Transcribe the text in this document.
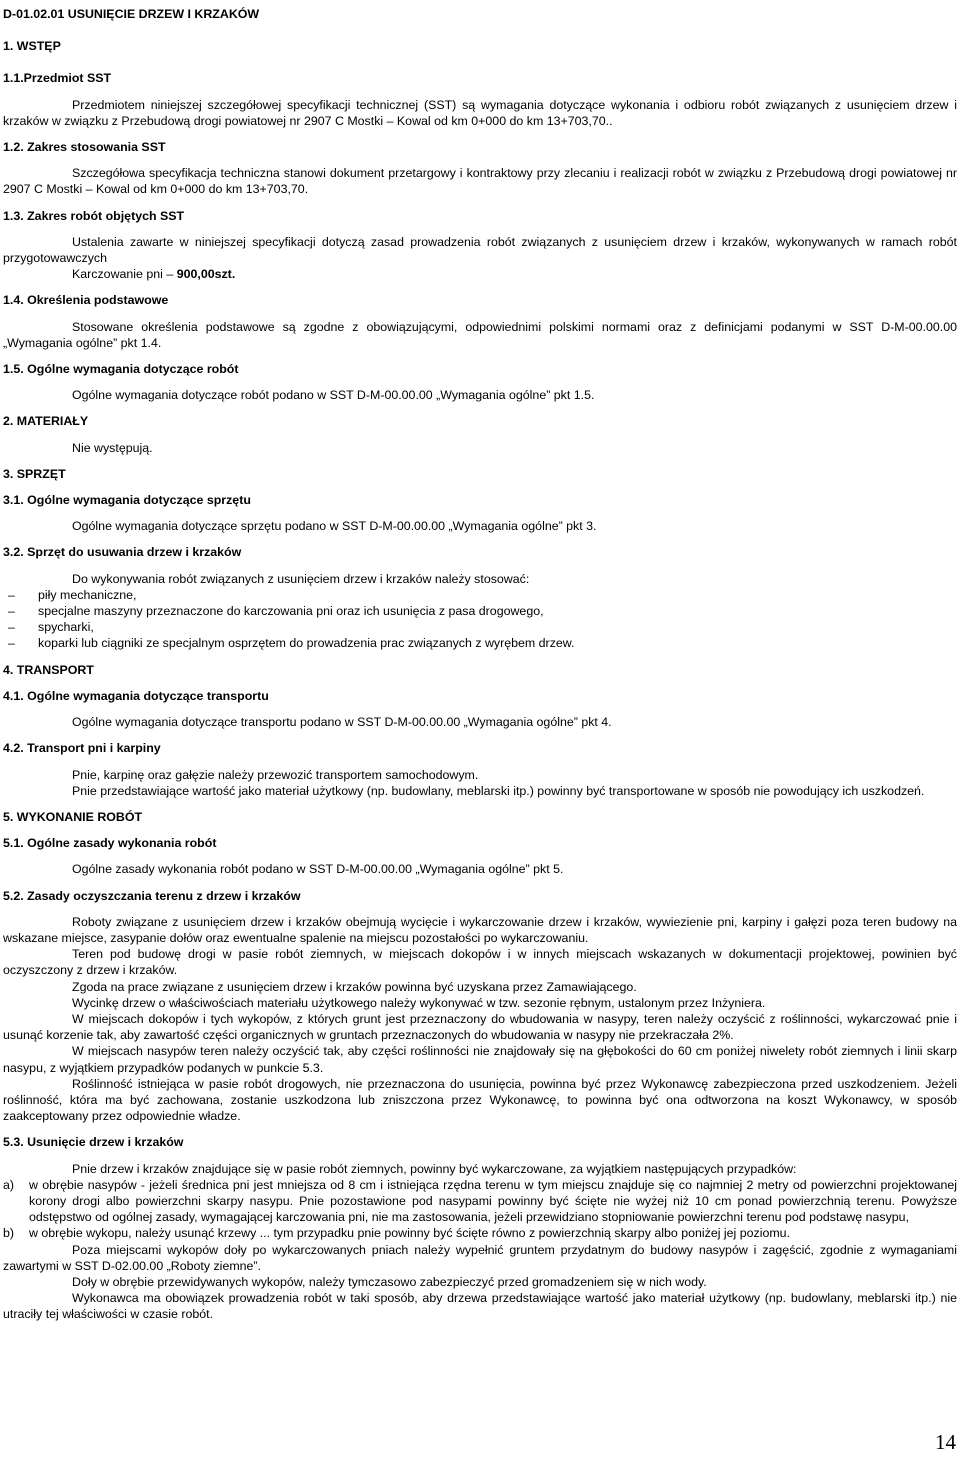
D-01.02.01 USUNIĘCIE DRZEW I KRZAKÓW

1. WSTĘP

1.1.Przedmiot SST

Przedmiotem niniejszej szczegółowej specyfikacji technicznej (SST) są wymagania dotyczące wykonania i odbioru robót związanych z usunięciem drzew i krzaków w związku z Przebudową drogi powiatowej nr 2907 C Mostki – Kowal od km 0+000 do km 13+703,70..

1.2. Zakres stosowania SST

Szczegółowa specyfikacja techniczna stanowi dokument przetargowy i kontraktowy przy zlecaniu i realizacji robót w związku z Przebudową drogi powiatowej nr 2907 C Mostki – Kowal od km 0+000 do km 13+703,70.

1.3. Zakres robót objętych SST

Ustalenia zawarte w niniejszej specyfikacji dotyczą zasad prowadzenia robót związanych z usunięciem drzew i krzaków, wykonywanych w ramach robót przygotowawczych

Karczowanie pni – 900,00szt.

1.4. Określenia podstawowe

Stosowane określenia podstawowe są zgodne z obowiązującymi, odpowiednimi polskimi normami oraz z definicjami podanymi w SST D-M-00.00.00 „Wymagania ogólne” pkt 1.4.

1.5. Ogólne wymagania dotyczące robót

Ogólne wymagania dotyczące robót podano w SST D-M-00.00.00 „Wymagania ogólne” pkt 1.5.

2. MATERIAŁY

Nie występują.

3. SPRZĘT

3.1. Ogólne wymagania dotyczące sprzętu

Ogólne wymagania dotyczące sprzętu podano w SST D-M-00.00.00 „Wymagania ogólne” pkt 3.

3.2. Sprzęt do usuwania drzew i krzaków

Do wykonywania robót związanych z usunięciem drzew i krzaków należy stosować:

– piły mechaniczne,
– specjalne maszyny przeznaczone do karczowania pni oraz ich usunięcia z pasa drogowego,
– spycharki,
– koparki lub ciągniki ze specjalnym osprzętem do prowadzenia prac związanych z wyrębem drzew.

4. TRANSPORT

4.1. Ogólne wymagania dotyczące transportu

Ogólne wymagania dotyczące transportu podano w SST D-M-00.00.00 „Wymagania ogólne” pkt 4.

4.2. Transport pni i karpiny

Pnie, karpinę oraz gałęzie należy przewozić transportem samochodowym.

Pnie przedstawiające wartość jako materiał użytkowy (np. budowlany, meblarski itp.) powinny być transportowane w sposób nie powodujący ich uszkodzeń.

5. WYKONANIE ROBÓT

5.1. Ogólne zasady wykonania robót

Ogólne zasady wykonania robót podano w SST D-M-00.00.00 „Wymagania ogólne” pkt 5.

5.2. Zasady oczyszczania terenu z drzew i krzaków

Roboty związane z usunięciem drzew i krzaków obejmują wycięcie i wykarczowanie drzew i krzaków, wywiezienie pni, karpiny i gałęzi poza teren budowy na wskazane miejsce, zasypanie dołów oraz ewentualne spalenie na miejscu pozostałości po wykarczowaniu.

Teren pod budowę drogi w pasie robót ziemnych, w miejscach dokopów i w innych miejscach wskazanych w dokumentacji projektowej, powinien być oczyszczony z drzew i krzaków.

Zgoda na prace związane z usunięciem drzew i krzaków powinna być uzyskana przez Zamawiającego.

Wycinkę drzew o właściwościach materiału użytkowego należy wykonywać w tzw. sezonie rębnym, ustalonym przez Inżyniera.

W miejscach dokopów i tych wykopów, z których grunt jest przeznaczony do wbudowania w nasypy, teren należy oczyścić z roślinności, wykarczować pnie i usunąć korzenie tak, aby zawartość części organicznych w gruntach przeznaczonych do wbudowania w nasypy nie przekraczała 2%.

W miejscach nasypów teren należy oczyścić tak, aby części roślinności nie znajdowały się na głębokości do 60 cm poniżej niwelety robót ziemnych i linii skarp nasypu, z wyjątkiem przypadków podanych w punkcie 5.3.

Roślinność istniejąca w pasie robót drogowych, nie przeznaczona do usunięcia, powinna być przez Wykonawcę zabezpieczona przed uszkodzeniem. Jeżeli roślinność, która ma być zachowana, zostanie uszkodzona lub zniszczona przez Wykonawcę, to powinna być ona odtworzona na koszt Wykonawcy, w sposób zaakceptowany przez odpowiednie władze.

5.3. Usunięcie drzew i krzaków

Pnie drzew i krzaków znajdujące się w pasie robót ziemnych, powinny być wykarczowane, za wyjątkiem następujących przypadków:

a) w obrębie nasypów - jeżeli średnica pni jest mniejsza od 8 cm i istniejąca rzędna terenu w tym miejscu znajduje się co najmniej 2 metry od powierzchni projektowanej korony drogi albo powierzchni skarpy nasypu. Pnie pozostawione pod nasypami powinny być ścięte nie wyżej niż 10 cm ponad powierzchnią terenu. Powyższe odstępstwo od ogólnej zasady, wymagającej karczowania pni, nie ma zastosowania, jeżeli przewidziano stopniowanie powierzchni terenu pod podstawę nasypu,
b) w obrębie wykopu, należy usunąć krzewy ... tym przypadku pnie powinny być ścięte równo z powierzchnią skarpy albo poniżej jej poziomu.

Poza miejscami wykopów doły po wykarczowanych pniach należy wypełnić gruntem przydatnym do budowy nasypów i zagęścić, zgodnie z wymaganiami zawartymi w SST D-02.00.00 „Roboty ziemne”.

Doły w obrębie przewidywanych wykopów, należy tymczasowo zabezpieczyć przed gromadzeniem się w nich wody.

Wykonawca ma obowiązek prowadzenia robót w taki sposób, aby drzewa przedstawiające wartość jako materiał użytkowy (np. budowlany, meblarski itp.) nie utraciły tej właściwości w czasie robót.

14
